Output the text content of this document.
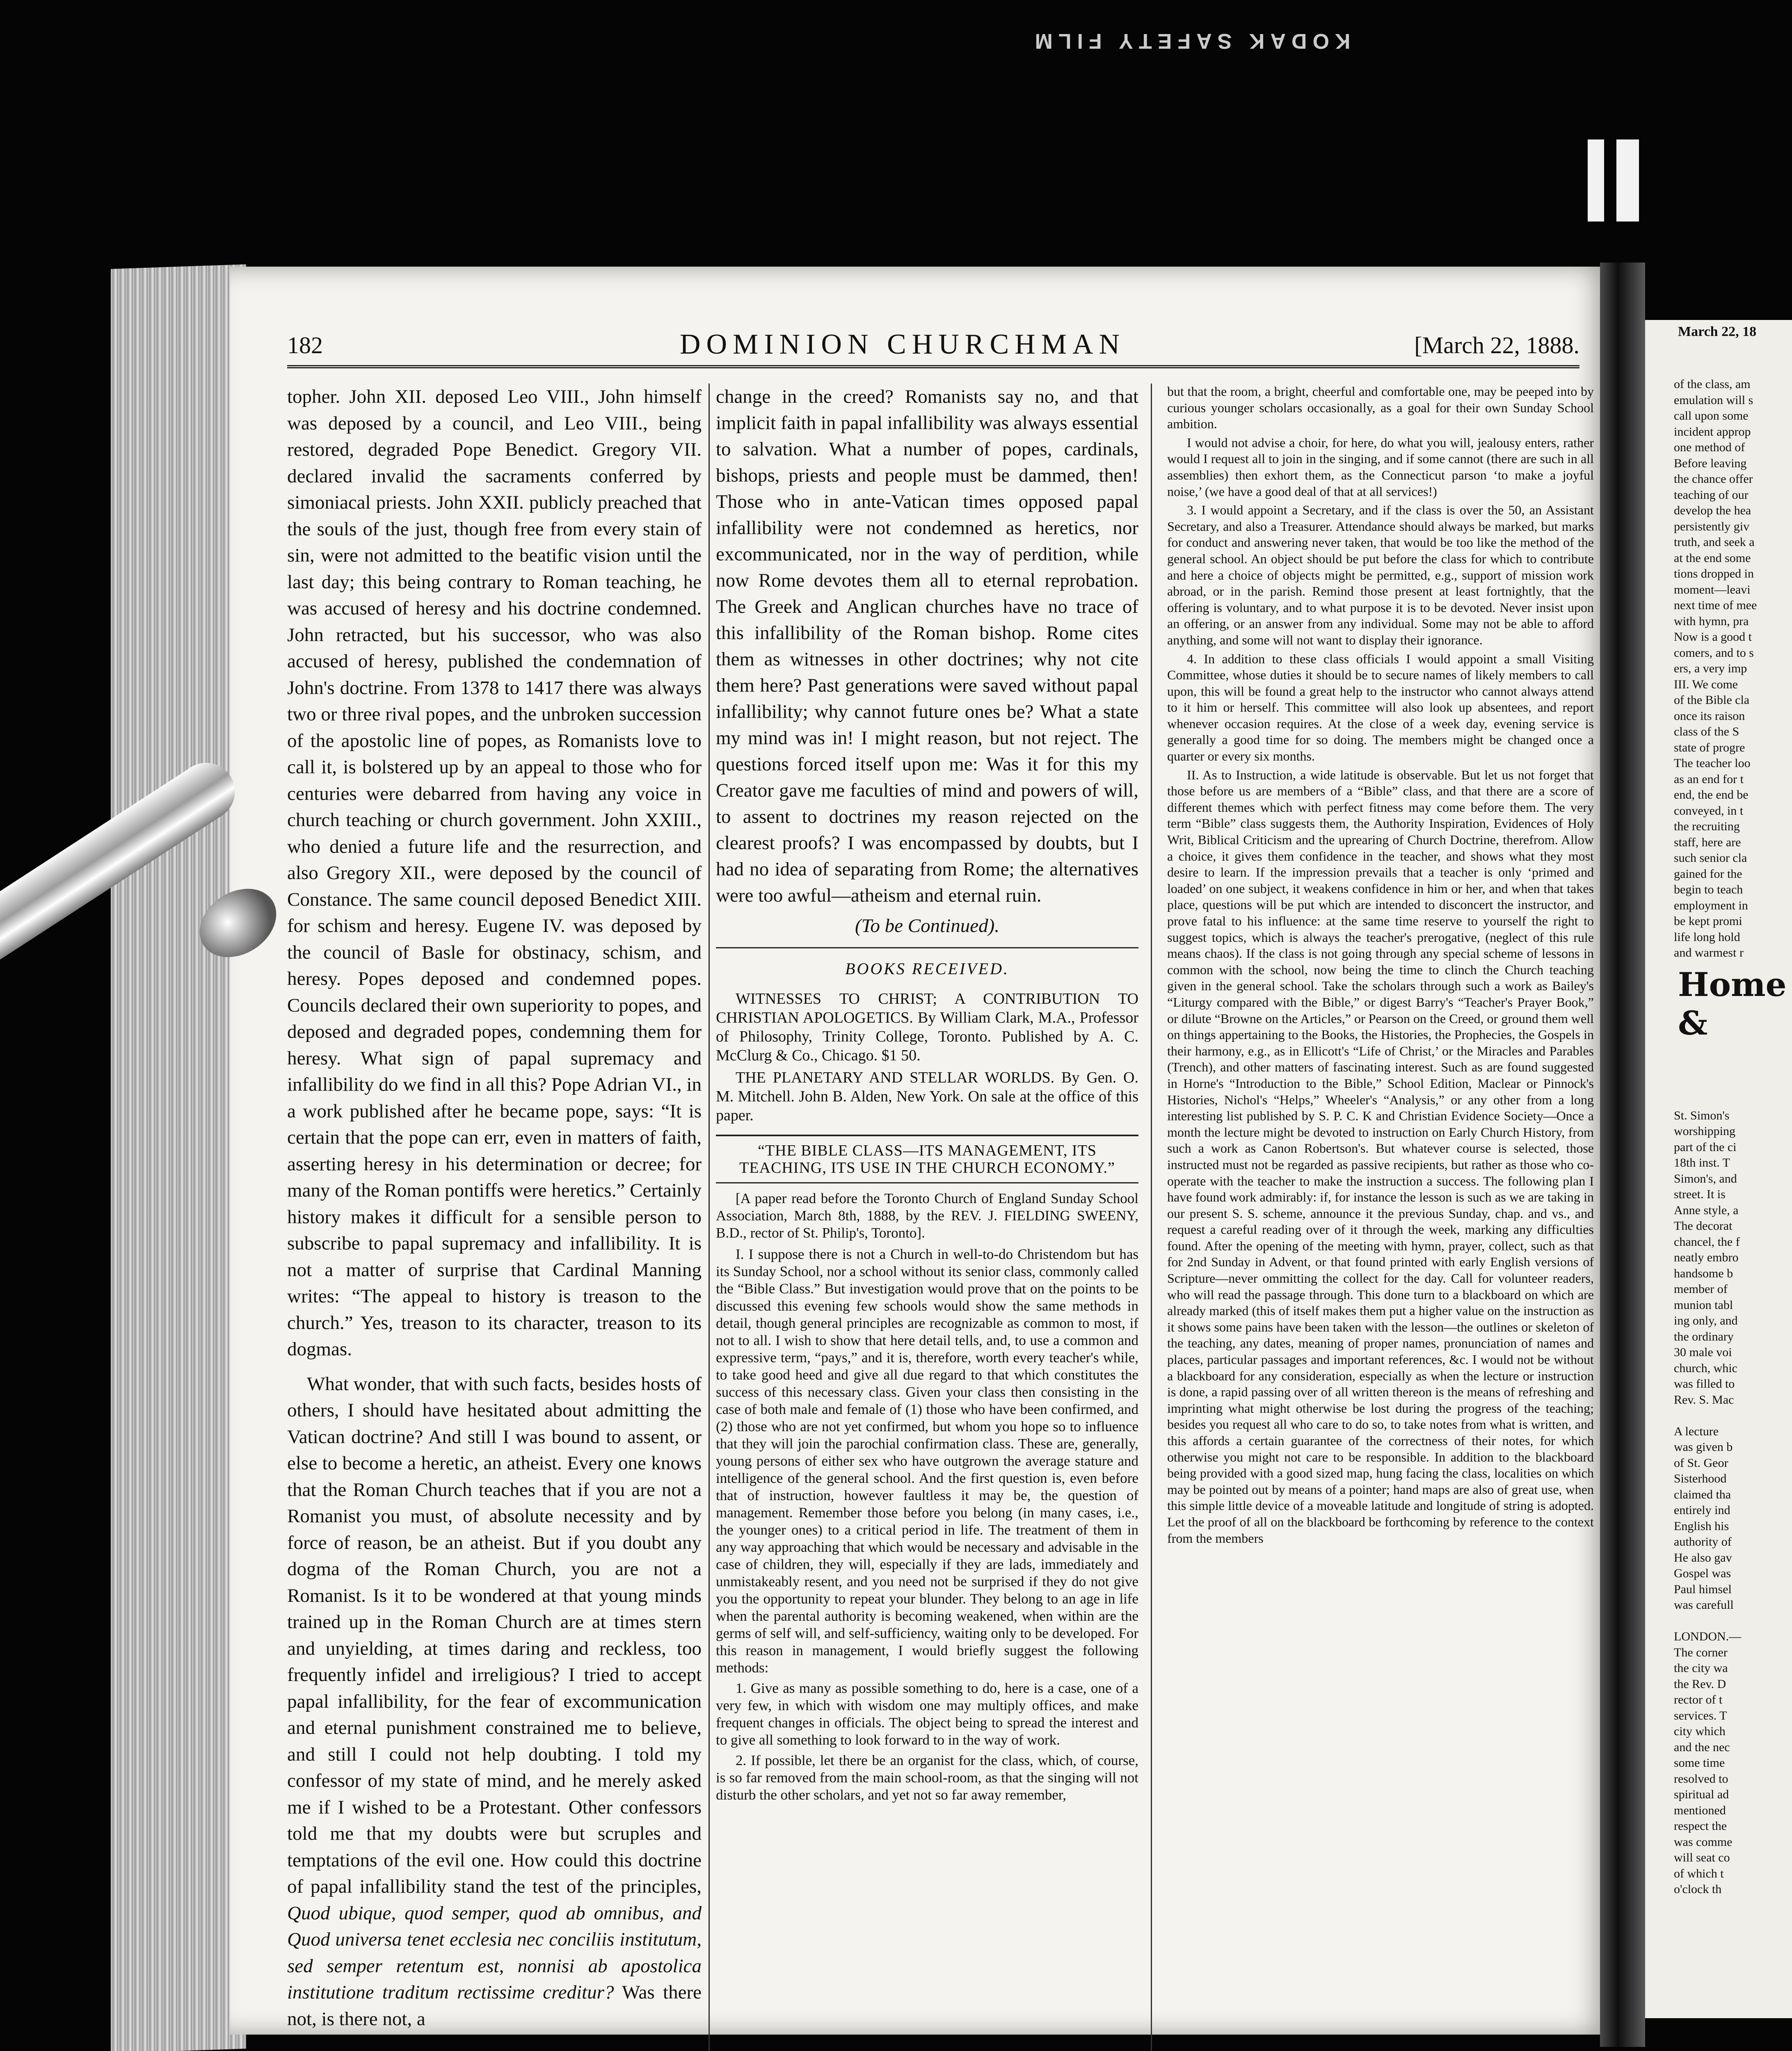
KODAK SAFETY FILM
March 22, 18
of the class, am
emulation will s
call upon some
incident approp
one method of
Before leaving
the chance offer
teaching of our
develop the hea
persistently giv
truth, and seek a
at the end some
tions dropped in
moment—leavi
next time of mee
with hymn, pra
Now is a good t
comers, and to s
ers, a very imp
III. We come
of the Bible cla
once its raison
class of the S
state of progre
The teacher loo
as an end for t
end, the end be
conveyed, in t
the recruiting
staff, here are
such senior cla
gained for the
begin to teach
employment in
be kept promi
life long hold
and warmest r
Home &
St. Simon's
worshipping
part of the ci
18th inst. T
Simon's, and
street. It is
Anne style, a
The decorat
chancel, the f
neatly embro
handsome b
member of
munion tabl
ing only, and
the ordinary
30 male voi
church, whic
was filled to
Rev. S. Mac

A lecture
was given b
of St. Geor
Sisterhood
claimed tha
entirely ind
English his
authority of
He also gav
Gospel was
Paul himsel
was carefull

LONDON.—
The corner
the city wa
the Rev. D
rector of t
services. T
city which
and the nec
some time
resolved to
spiritual ad
mentioned
respect the
was comme
will seat co
of which t
o'clock th
182	DOMINION CHURCHMAN	[March 22, 1888.

topher. John XII. deposed Leo VIII., John himself was deposed by a council, and Leo VIII., being restored, degraded Pope Benedict. Gregory VII. declared invalid the sacraments conferred by simoniacal priests. John XXII. publicly preached that the souls of the just, though free from every stain of sin, were not admitted to the beatific vision until the last day; this being contrary to Roman teaching, he was accused of heresy and his doctrine condemned. John retracted, but his successor, who was also accused of heresy, published the condemnation of John's doctrine. From 1378 to 1417 there was always two or three rival popes, and the unbroken succession of the apostolic line of popes, as Romanists love to call it, is bolstered up by an appeal to those who for centuries were debarred from having any voice in church teaching or church government. John XXIII., who denied a future life and the resurrection, and also Gregory XII., were deposed by the council of Constance. The same council deposed Benedict XIII. for schism and heresy. Eugene IV. was deposed by the council of Basle for obstinacy, schism, and heresy. Popes deposed and condemned popes. Councils declared their own superiority to popes, and deposed and degraded popes, condemning them for heresy. What sign of papal supremacy and infallibility do we find in all this? Pope Adrian VI., in a work published after he became pope, says: “It is certain that the pope can err, even in matters of faith, asserting heresy in his determination or decree; for many of the Roman pontiffs were heretics.” Certainly history makes it difficult for a sensible person to subscribe to papal supremacy and infallibility. It is not a matter of surprise that Cardinal Manning writes: “The appeal to history is treason to the church.” Yes, treason to its character, treason to its dogmas.

What wonder, that with such facts, besides hosts of others, I should have hesitated about admitting the Vatican doctrine? And still I was bound to assent, or else to become a heretic, an atheist. Every one knows that the Roman Church teaches that if you are not a Romanist you must, of absolute necessity and by force of reason, be an atheist. But if you doubt any dogma of the Roman Church, you are not a Romanist. Is it to be wondered at that young minds trained up in the Roman Church are at times stern and unyielding, at times daring and reckless, too frequently infidel and irreligious? I tried to accept papal infallibility, for the fear of excommunication and eternal punishment constrained me to believe, and still I could not help doubting. I told my confessor of my state of mind, and he merely asked me if I wished to be a Protestant. Other confessors told me that my doubts were but scruples and temptations of the evil one. How could this doctrine of papal infallibility stand the test of the principles, Quod ubique, quod semper, quod ab omnibus, and Quod universa tenet ecclesia nec conciliis institutum, sed semper retentum est, nonnisi ab apostolica institutione traditum rectissime creditur? Was there not, is there not, a

change in the creed? Romanists say no, and that implicit faith in papal infallibility was always essential to salvation. What a number of popes, cardinals, bishops, priests and people must be dammed, then! Those who in ante-Vatican times opposed papal infallibility were not condemned as heretics, nor excommunicated, nor in the way of perdition, while now Rome devotes them all to eternal reprobation. The Greek and Anglican churches have no trace of this infallibility of the Roman bishop. Rome cites them as witnesses in other doctrines; why not cite them here? Past generations were saved without papal infallibility; why cannot future ones be? What a state my mind was in! I might reason, but not reject. The questions forced itself upon me: Was it for this my Creator gave me faculties of mind and powers of will, to assent to doctrines my reason rejected on the clearest proofs? I was encompassed by doubts, but I had no idea of separating from Rome; the alternatives were too awful—atheism and eternal ruin.

(To be Continued).

BOOKS RECEIVED.

WITNESSES TO CHRIST; A CONTRIBUTION TO CHRISTIAN APOLOGETICS. By William Clark, M.A., Professor of Philosophy, Trinity College, Toronto. Published by A. C. McClurg & Co., Chicago. $1 50.

THE PLANETARY AND STELLAR WORLDS. By Gen. O. M. Mitchell. John B. Alden, New York. On sale at the office of this paper.

“THE BIBLE CLASS—ITS MANAGEMENT, ITS TEACHING, ITS USE IN THE CHURCH ECONOMY.”

[A paper read before the Toronto Church of England Sunday School Association, March 8th, 1888, by the REV. J. FIELDING SWEENY, B.D., rector of St. Philip's, Toronto].

I. I suppose there is not a Church in well-to-do Christendom but has its Sunday School, nor a school without its senior class, commonly called the “Bible Class.” But investigation would prove that on the points to be discussed this evening few schools would show the same methods in detail, though general principles are recognizable as common to most, if not to all. I wish to show that here detail tells, and, to use a common and expressive term, “pays,” and it is, therefore, worth every teacher's while, to take good heed and give all due regard to that which constitutes the success of this necessary class. Given your class then consisting in the case of both male and female of (1) those who have been confirmed, and (2) those who are not yet confirmed, but whom you hope so to influence that they will join the parochial confirmation class. These are, generally, young persons of either sex who have outgrown the average stature and intelligence of the general school. And the first question is, even before that of instruction, however faultless it may be, the question of management. Remember those before you belong (in many cases, i.e., the younger ones) to a critical period in life. The treatment of them in any way approaching that which would be necessary and advisable in the case of children, they will, especially if they are lads, immediately and unmistakeably resent, and you need not be surprised if they do not give you the opportunity to repeat your blunder. They belong to an age in life when the parental authority is becoming weakened, when within are the germs of self will, and self-sufficiency, waiting only to be developed. For this reason in management, I would briefly suggest the following methods:

1. Give as many as possible something to do, here is a case, one of a very few, in which with wisdom one may multiply offices, and make frequent changes in officials. The object being to spread the interest and to give all something to look forward to in the way of work.

2. If possible, let there be an organist for the class, which, of course, is so far removed from the main school-room, as that the singing will not disturb the other scholars, and yet not so far away remember,

but that the room, a bright, cheerful and comfortable one, may be peeped into by curious younger scholars occasionally, as a goal for their own Sunday School ambition.

I would not advise a choir, for here, do what you will, jealousy enters, rather would I request all to join in the singing, and if some cannot (there are such in all assemblies) then exhort them, as the Connecticut parson ‘to make a joyful noise,’ (we have a good deal of that at all services!)

3. I would appoint a Secretary, and if the class is over the 50, an Assistant Secretary, and also a Treasurer. Attendance should always be marked, but marks for conduct and answering never taken, that would be too like the method of the general school. An object should be put before the class for which to contribute and here a choice of objects might be permitted, e.g., support of mission work abroad, or in the parish. Remind those present at least fortnightly, that the offering is voluntary, and to what purpose it is to be devoted. Never insist upon an offering, or an answer from any individual. Some may not be able to afford anything, and some will not want to display their ignorance.

4. In addition to these class officials I would appoint a small Visiting Committee, whose duties it should be to secure names of likely members to call upon, this will be found a great help to the instructor who cannot always attend to it him or herself. This committee will also look up absentees, and report whenever occasion requires. At the close of a week day, evening service is generally a good time for so doing. The members might be changed once a quarter or every six months.

II. As to Instruction, a wide latitude is observable. But let us not forget that those before us are members of a “Bible” class, and that there are a score of different themes which with perfect fitness may come before them. The very term “Bible” class suggests them, the Authority Inspiration, Evidences of Holy Writ, Biblical Criticism and the uprearing of Church Doctrine, therefrom. Allow a choice, it gives them confidence in the teacher, and shows what they most desire to learn. If the impression prevails that a teacher is only ‘primed and loaded’ on one subject, it weakens confidence in him or her, and when that takes place, questions will be put which are intended to disconcert the instructor, and prove fatal to his influence: at the same time reserve to yourself the right to suggest topics, which is always the teacher's prerogative, (neglect of this rule means chaos). If the class is not going through any special scheme of lessons in common with the school, now being the time to clinch the Church teaching given in the general school. Take the scholars through such a work as Bailey's “Liturgy compared with the Bible,” or digest Barry's “Teacher's Prayer Book,” or dilute “Browne on the Articles,” or Pearson on the Creed, or ground them well on things appertaining to the Books, the Histories, the Prophecies, the Gospels in their harmony, e.g., as in Ellicott's “Life of Christ,’ or the Miracles and Parables (Trench), and other matters of fascinating interest. Such as are found suggested in Horne's “Introduction to the Bible,” School Edition, Maclear or Pinnock's Histories, Nichol's “Helps,” Wheeler's “Analysis,” or any other from a long interesting list published by S. P. C. K and Christian Evidence Society—Once a month the lecture might be devoted to instruction on Early Church History, from such a work as Canon Robertson's. But whatever course is selected, those instructed must not be regarded as passive recipients, but rather as those who co-operate with the teacher to make the instruction a success. The following plan I have found work admirably: if, for instance the lesson is such as we are taking in our present S. S. scheme, announce it the previous Sunday, chap. and vs., and request a careful reading over of it through the week, marking any difficulties found. After the opening of the meeting with hymn, prayer, collect, such as that for 2nd Sunday in Advent, or that found printed with early English versions of Scripture—never ommitting the collect for the day. Call for volunteer readers, who will read the passage through. This done turn to a blackboard on which are already marked (this of itself makes them put a higher value on the instruction as it shows some pains have been taken with the lesson—the outlines or skeleton of the teaching, any dates, meaning of proper names, pronunciation of names and places, particular passages and important references, &c. I would not be without a blackboard for any consideration, especially as when the lecture or instruction is done, a rapid passing over of all written thereon is the means of refreshing and imprinting what might otherwise be lost during the progress of the teaching; besides you request all who care to do so, to take notes from what is written, and this affords a certain guarantee of the correctness of their notes, for which otherwise you might not care to be responsible. In addition to the blackboard being provided with a good sized map, hung facing the class, localities on which may be pointed out by means of a pointer; hand maps are also of great use, when this simple little device of a moveable latitude and longitude of string is adopted. Let the proof of all on the blackboard be forthcoming by reference to the context from the members
